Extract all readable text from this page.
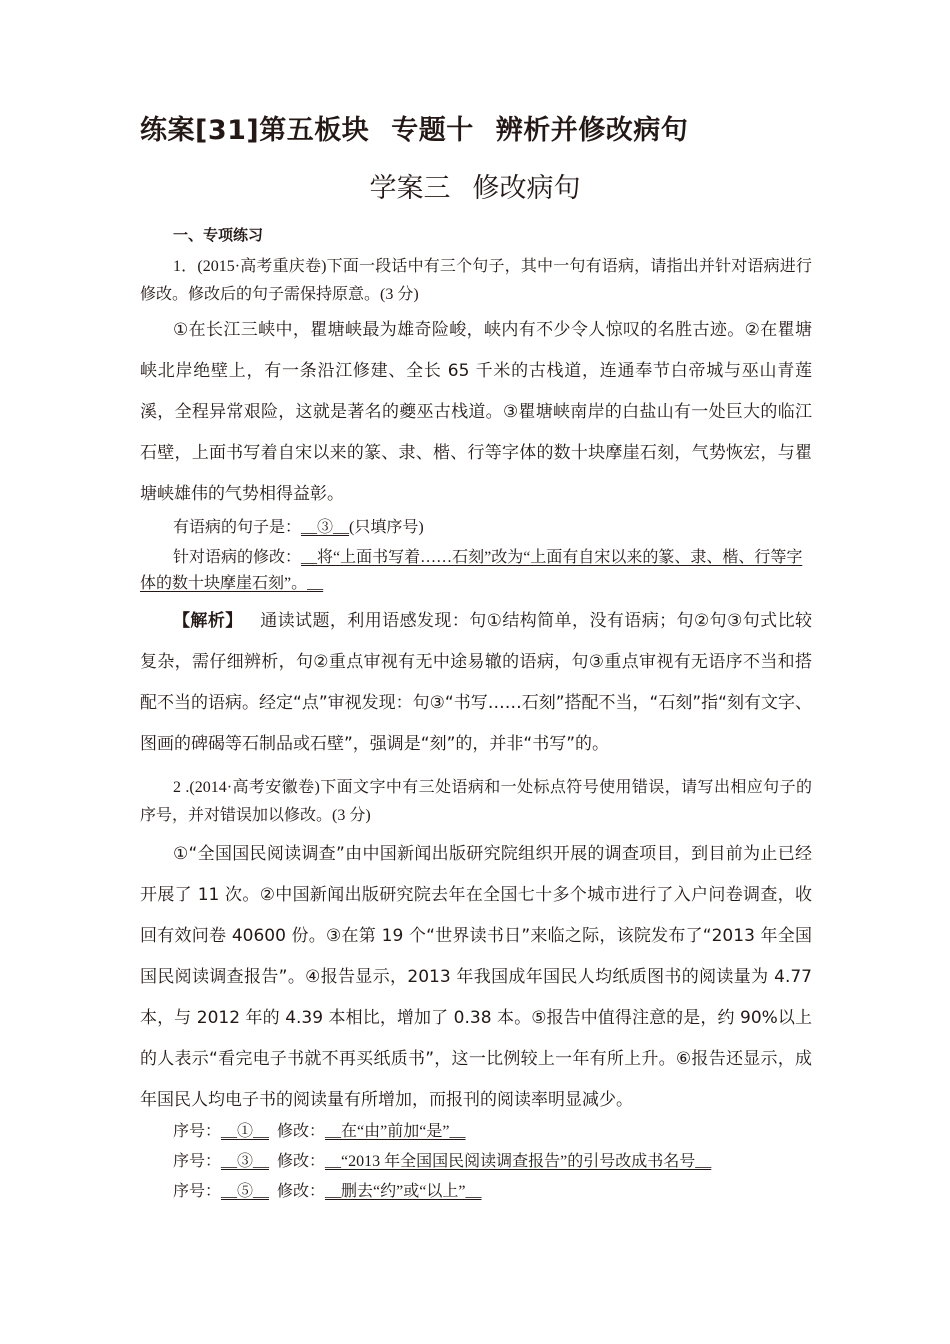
练案[31]第五板块 专题十 辨析并修改病句
学案三 修改病句
一、专项练习
1．(2015·高考重庆卷)下面一段话中有三个句子，其中一句有语病，请指出并针对语病进行修改。修改后的句子需保持原意。(3 分)
①在长江三峡中，瞿塘峡最为雄奇险峻，峡内有不少令人惊叹的名胜古迹。②在瞿塘峡北岸绝壁上，有一条沿江修建、全长 65 千米的古栈道，连通奉节白帝城与巫山青莲溪，全程异常艰险，这就是著名的夔巫古栈道。③瞿塘峡南岸的白盐山有一处巨大的临江石壁，上面书写着自宋以来的篆、隶、楷、行等字体的数十块摩崖石刻，气势恢宏，与瞿塘峡雄伟的气势相得益彰。
有语病的句子是：__③__(只填序号)
针对语病的修改：__将“上面书写着……石刻”改为“上面有自宋以来的篆、隶、楷、行等字体的数十块摩崖石刻”。__
【解析】 通读试题，利用语感发现：句①结构简单，没有语病；句②句③句式比较复杂，需仔细辨析，句②重点审视有无中途易辙的语病，句③重点审视有无语序不当和搭配不当的语病。经定“点”审视发现：句③“书写……石刻”搭配不当，“石刻”指“刻有文字、图画的碑碣等石制品或石壁”，强调是“刻”的，并非“书写”的。
2 .(2014·高考安徽卷)下面文字中有三处语病和一处标点符号使用错误，请写出相应句子的序号，并对错误加以修改。(3 分)
①“全国国民阅读调查”由中国新闻出版研究院组织开展的调查项目，到目前为止已经开展了 11 次。②中国新闻出版研究院去年在全国七十多个城市进行了入户问卷调查，收回有效问卷 40600 份。③在第 19 个“世界读书日”来临之际，该院发布了“2013 年全国国民阅读调查报告”。④报告显示，2013 年我国成年国民人均纸质图书的阅读量为 4.77 本，与 2012 年的 4.39 本相比，增加了 0.38 本。⑤报告中值得注意的是，约 90%以上的人表示“看完电子书就不再买纸质书”，这一比例较上一年有所上升。⑥报告还显示，成年国民人均电子书的阅读量有所增加，而报刊的阅读率明显减少。
序号：__①__ 修改：__在“由”前加“是”__
序号：__③__ 修改：__“2013 年全国国民阅读调查报告”的引号改成书名号__
序号：__⑤__ 修改：__删去“约”或“以上”__
